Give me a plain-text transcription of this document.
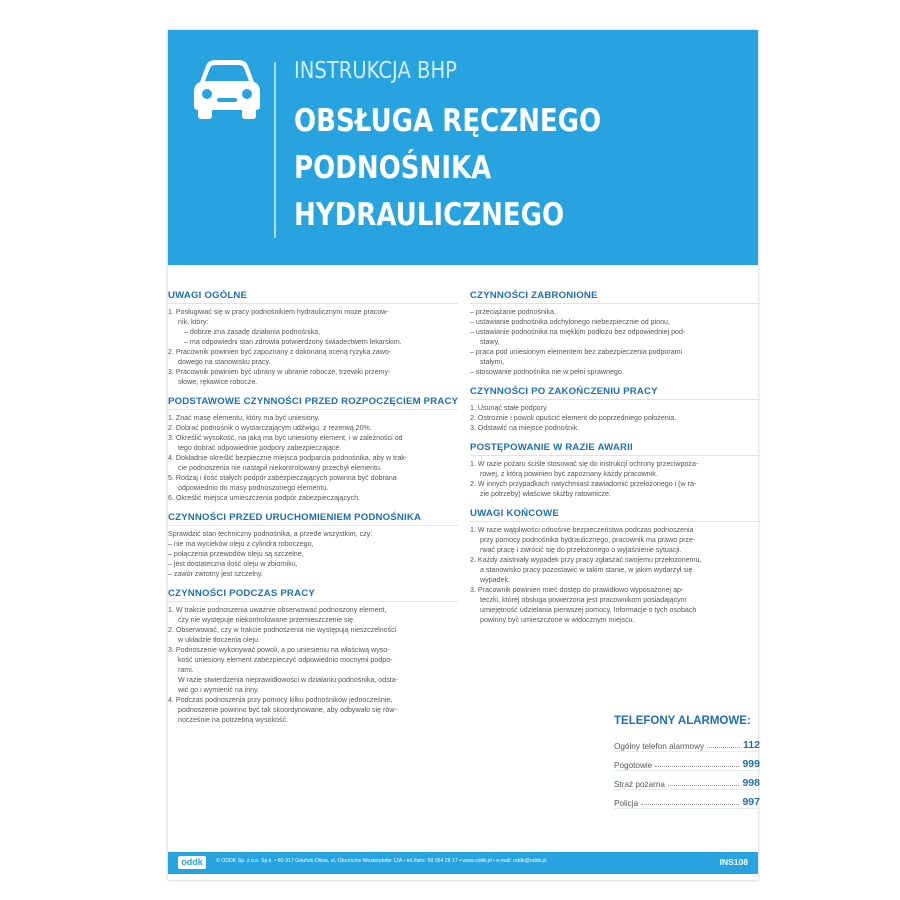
INSTRUKCJA BHP
OBSŁUGA RĘCZNEGO
PODNOŚNIKA
HYDRAULICZNEGO
UWAGI OGÓLNE
1. Posługiwać się w pracy podnośnikiem hydraulicznym może pracow-
nik, który:
– dobrze zna zasadę działania podnośnika,
– ma odpowiedni stan zdrowia potwierdzony świadectwem lekarskim.
2. Pracownik powinien być zapoznany z dokonaną oceną ryzyka zawo-
dowego na stanowisku pracy.
3. Pracownik powinien być ubrany w ubranie robocze, trzewiki przemy-
słowe, rękawice robocze.
PODSTAWOWE CZYNNOŚCI PRZED ROZPOCZĘCIEM PRACY
1. Znać masę elementu, który ma być uniesiony.
2. Dobrać podnośnik o wystarczającym udźwigu, z rezerwą 20%.
3. Określić wysokość, na jaką ma być uniesiony element, i w zależności od
tego dobrać odpowiednie podpory zabezpieczające.
4. Dokładnie określić bezpieczne miejsca podparcia podnośnika, aby w trak-
cie podnoszenia nie nastąpił niekontrolowany przechył elementu.
5. Rodzaj i ilość stałych podpór zabezpieczających powinna być dobrana
odpowiednio do masy podnoszonego elementu.
6. Określić miejsca umieszczenia podpór zabezpieczających.
CZYNNOŚCI PRZED URUCHOMIENIEM PODNOŚNIKA
Sprawdzić stan techniczny podnośnika, a przede wszystkim, czy:
– nie ma wycieków oleju z cylindra roboczego,
– połączenia przewodów oleju są szczelne,
– jest dostateczna ilość oleju w zbiorniku,
– zawór zwrotny jest szczelny.
CZYNNOŚCI PODCZAS PRACY
1. W trakcie podnoszenia uważnie obserwować podnoszony element,
czy nie występuje niekontrolowane przemieszczenie się.
2. Obserwować, czy w trakcie podnoszenia nie występują nieszczelności
w układzie tłoczenia oleju.
3. Podnoszenie wykonywać powoli, a po uniesieniu na właściwą wyso-
kość uniesiony element zabezpieczyć odpowiednio mocnymi podpo-
rami.
W razie stwierdzenia nieprawidłowości w działaniu podnośnika, odsta-
wić go i wymienić na inny.
4. Podczas podnoszenia przy pomocy kilku podnośników jednocześnie,
podnoszenie powinno być tak skoordynowane, aby odbywało się rów-
nocześnie na potrzebną wysokość.
CZYNNOŚCI ZABRONIONE
– przeciążanie podnośnika,
– ustawianie podnośnika odchylonego niebezpiecznie od pionu,
– ustawianie podnośnika na miękkim podłożu bez odpowiedniej pod-
stawy,
– praca pod uniesionym elementem bez zabezpieczenia podporami
stałymi,
– stosowanie podnośnika nie w pełni sprawnego.
CZYNNOŚCI PO ZAKOŃCZENIU PRACY
1. Usunąć stałe podpory.
2. Ostrożnie i powoli opuścić element do poprzedniego położenia.
3. Odstawić na miejsce podnośnik.
POSTĘPOWANIE W RAZIE AWARII
1. W razie pożaru ściśle stosować się do instrukcji ochrony przeciwpoża-
rowej, z którą powinien być zapoznany każdy pracownik.
2. W innych przypadkach natychmiast zawiadomić przełożonego i (w ra-
zie potrzeby) właściwe służby ratownicze.
UWAGI KOŃCOWE
1. W razie wątpliwości odnośnie bezpieczeństwa podczas podnoszenia
przy pomocy podnośnika hydraulicznego, pracownik ma prawo prze-
rwać pracę i zwrócić się do przełożonego o wyjaśnienie sytuacji.
2. Każdy zaistniały wypadek przy pracy zgłaszać swojemu przełożonemu,
a stanowisko pracy pozostawić w takim stanie, w jakim wydarzył się
wypadek.
3. Pracownik powinien mieć dostęp do prawidłowo wyposażonej ap-
teczki, której obsługa powierzona jest pracownikom posiadającym
umiejętność udzielania pierwszej pomocy. Informacje o tych osobach
powinny być umieszczone w widocznym miejscu.
TELEFONY ALARMOWE:
Ogólny telefon alarmowy	112
Pogotowie	999
Straż pożarna	998
Policja	997
oddk	© ODDK Sp. z o.o. Sp.k. • 80-317 Gdańsk-Oliwa, ul. Obrońców Westerplatte 12A • tel./faks: 58 554 29 17 • www.oddk.pl • e-mail: oddk@oddk.pl	INS108
